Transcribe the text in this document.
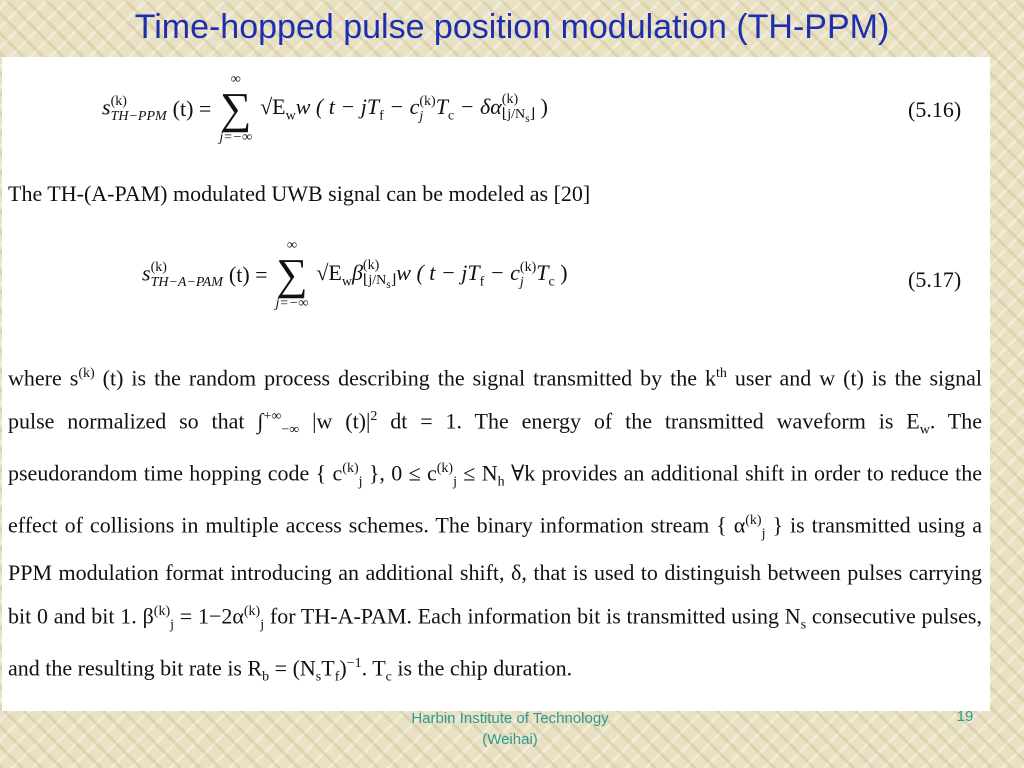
Time-hopped pulse position modulation (TH-PPM)
s (k)
TH−PPM (t) =
∞
∑
j=−∞
$√E_ww$ ( $t - jT_f - c$ (k)
j $T_c - \delta\alpha$ (k)
$⌊j/N_s⌋$ )	(5.16)
The TH-(A-PAM) modulated UWB signal can be modeled as [20]
s (k)
TH−A−PAM (t) =
∞
∑
j=−∞
$√E_w\beta$ (k)
$⌊j/N_s⌋$ w ( $t - jT_f - c$ (k)
j $T_c$ )	(5.17)
where $s^{(k)}$ (t) is the random process describing the signal transmitted by the $k^{th}$ user and w (t) is the signal pulse normalized so that $\int^{+\infty}_{-\infty}$ |w $(t)|^2$ dt = 1. The energy of the transmitted waveform is $E_w$. The pseudorandom time hopping code { $c^{(k)}_j$ }, $0 \le c^{(k)}_j \le N_h$ ∀k provides an additional shift in order to reduce the effect of collisions in multiple access schemes. The binary information stream { $\alpha^{(k)}_j$ } is transmitted using a PPM modulation format introducing an additional shift, δ, that is used to distinguish between pulses carrying bit 0 and bit 1. $\beta^{(k)}_j = 1-2\alpha^{(k)}_j$ for TH-A-PAM. Each information bit is transmitted using $N_s$ consecutive pulses, and the resulting bit rate is $R_b = (N_sT_f)^{-1}$. $T_c$ is the chip duration.
Harbin Institute of Technology
(Weihai)
19
